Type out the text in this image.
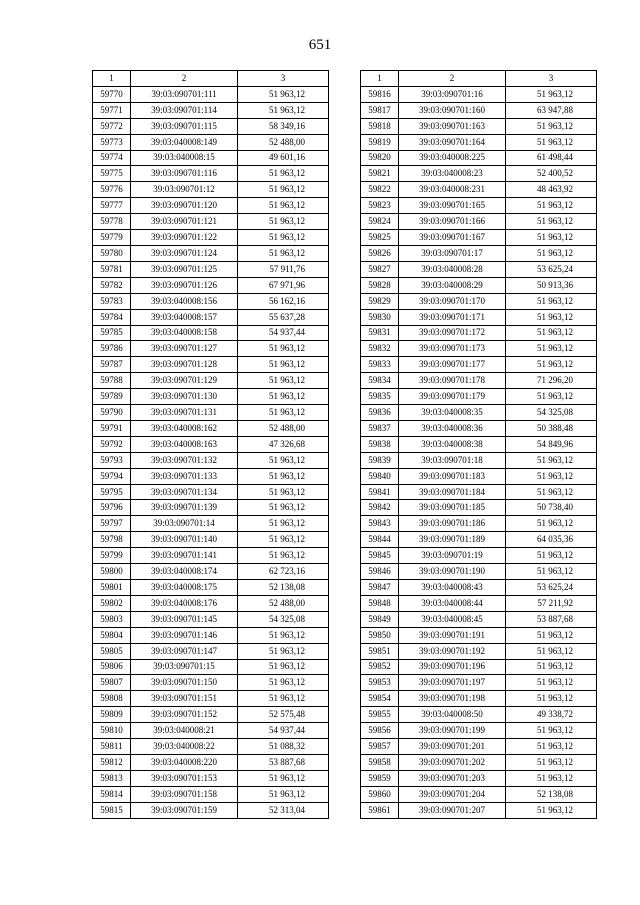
651
1	2	3
59770	39:03:090701:111	51 963,12
59771	39:03:090701:114	51 963,12
59772	39:03:090701:115	58 349,16
59773	39:03:040008:149	52 488,00
59774	39:03:040008:15	49 601,16
59775	39:03:090701:116	51 963,12
59776	39:03:090701:12	51 963,12
59777	39:03:090701:120	51 963,12
59778	39:03:090701:121	51 963,12
59779	39:03:090701:122	51 963,12
59780	39:03:090701:124	51 963,12
59781	39:03:090701:125	57 911,76
59782	39:03:090701:126	67 971,96
59783	39:03:040008:156	56 162,16
59784	39:03:040008:157	55 637,28
59785	39:03:040008:158	54 937,44
59786	39:03:090701:127	51 963,12
59787	39:03:090701:128	51 963,12
59788	39:03:090701:129	51 963,12
59789	39:03:090701:130	51 963,12
59790	39:03:090701:131	51 963,12
59791	39:03:040008:162	52 488,00
59792	39:03:040008:163	47 326,68
59793	39:03:090701:132	51 963,12
59794	39:03:090701:133	51 963,12
59795	39:03:090701:134	51 963,12
59796	39:03:090701:139	51 963,12
59797	39:03:090701:14	51 963,12
59798	39:03:090701:140	51 963,12
59799	39:03:090701:141	51 963,12
59800	39:03:040008:174	62 723,16
59801	39:03:040008:175	52 138,08
59802	39:03:040008:176	52 488,00
59803	39:03:090701:145	54 325,08
59804	39:03:090701:146	51 963,12
59805	39:03:090701:147	51 963,12
59806	39:03:090701:15	51 963,12
59807	39:03:090701:150	51 963,12
59808	39:03:090701:151	51 963,12
59809	39:03:090701:152	52 575,48
59810	39:03:040008:21	54 937,44
59811	39:03:040008:22	51 088,32
59812	39:03:040008:220	53 887,68
59813	39:03:090701:153	51 963,12
59814	39:03:090701:158	51 963,12
59815	39:03:090701:159	52 313,04
1	2	3
59816	39:03:090701:16	51 963,12
59817	39:03:090701:160	63 947,88
59818	39:03:090701:163	51 963,12
59819	39:03:090701:164	51 963,12
59820	39:03:040008:225	61 498,44
59821	39:03:040008:23	52 400,52
59822	39:03:040008:231	48 463,92
59823	39:03:090701:165	51 963,12
59824	39:03:090701:166	51 963,12
59825	39:03:090701:167	51 963,12
59826	39:03:090701:17	51 963,12
59827	39:03:040008:28	53 625,24
59828	39:03:040008:29	50 913,36
59829	39:03:090701:170	51 963,12
59830	39:03:090701:171	51 963,12
59831	39:03:090701:172	51 963,12
59832	39:03:090701:173	51 963,12
59833	39:03:090701:177	51 963,12
59834	39:03:090701:178	71 296,20
59835	39:03:090701:179	51 963,12
59836	39:03:040008:35	54 325,08
59837	39:03:040008:36	50 388,48
59838	39:03:040008:38	54 849,96
59839	39:03:090701:18	51 963,12
59840	39:03:090701:183	51 963,12
59841	39:03:090701:184	51 963,12
59842	39:03:090701:185	50 738,40
59843	39:03:090701:186	51 963,12
59844	39:03:090701:189	64 035,36
59845	39:03:090701:19	51 963,12
59846	39:03:090701:190	51 963,12
59847	39:03:040008:43	53 625,24
59848	39:03:040008:44	57 211,92
59849	39:03:040008:45	53 887,68
59850	39:03:090701:191	51 963,12
59851	39:03:090701:192	51 963,12
59852	39:03:090701:196	51 963,12
59853	39:03:090701:197	51 963,12
59854	39:03:090701:198	51 963,12
59855	39:03:040008:50	49 338,72
59856	39:03:090701:199	51 963,12
59857	39:03:090701:201	51 963,12
59858	39:03:090701:202	51 963,12
59859	39:03:090701:203	51 963,12
59860	39:03:090701:204	52 138,08
59861	39:03:090701:207	51 963,12
